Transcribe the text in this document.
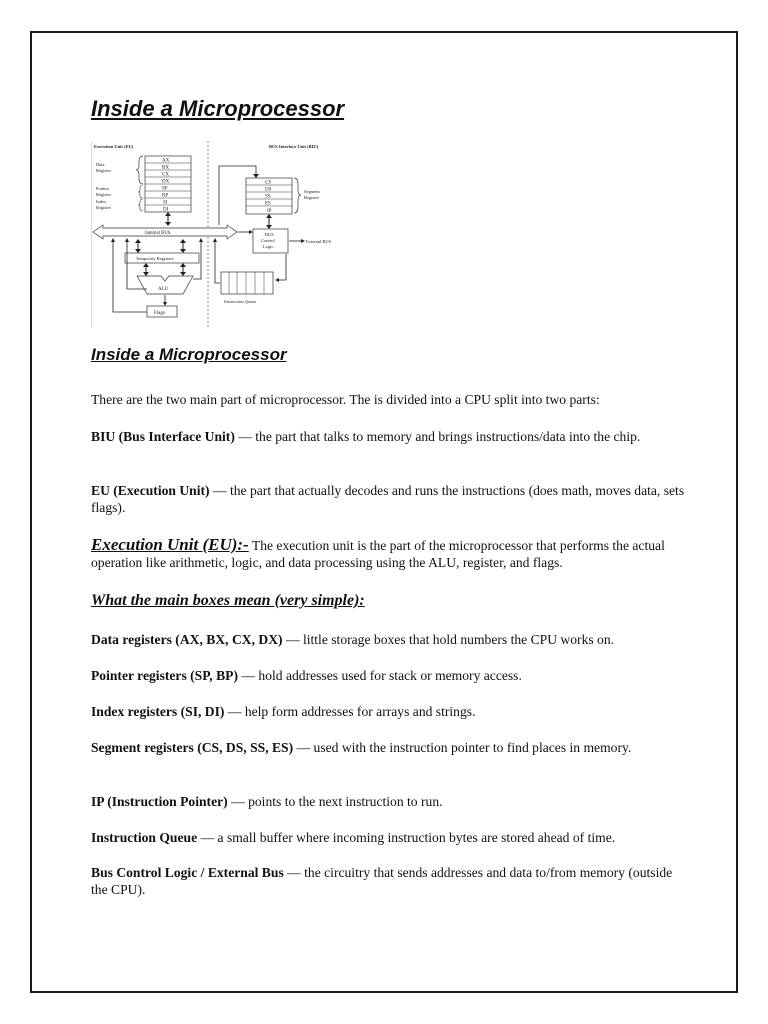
Inside a Microprocessor
Execution Unit (EU)	BUS Interface Unit (BIU)
AX
BX
CX
DX
SP
BP
SI
DI
Data
Register
Pointer
Register
Index
Register
Internal BUS
CS
DS
SS
ES
IP
Segment
Register
BUS
Control
Logic
External BUS
Instruction Queue
Temporary Registers
ALU
Flags
Inside a Microprocessor

There are the two main part of microprocessor. The is divided into a CPU split into two parts:

BIU (Bus Interface Unit) — the part that talks to memory and brings instructions/data into the chip.

EU (Execution Unit) — the part that actually decodes and runs the instructions (does math, moves data, sets flags).

Execution Unit (EU):- The execution unit is the part of the microprocessor that performs the actual operation like arithmetic, logic, and data processing using the ALU, register, and flags.

What the main boxes mean (very simple):

Data registers (AX, BX, CX, DX) — little storage boxes that hold numbers the CPU works on.

Pointer registers (SP, BP) — hold addresses used for stack or memory access.

Index registers (SI, DI) — help form addresses for arrays and strings.

Segment registers (CS, DS, SS, ES) — used with the instruction pointer to find places in memory.

IP (Instruction Pointer) — points to the next instruction to run.

Instruction Queue — a small buffer where incoming instruction bytes are stored ahead of time.

Bus Control Logic / External Bus — the circuitry that sends addresses and data to/from memory (outside the CPU).
